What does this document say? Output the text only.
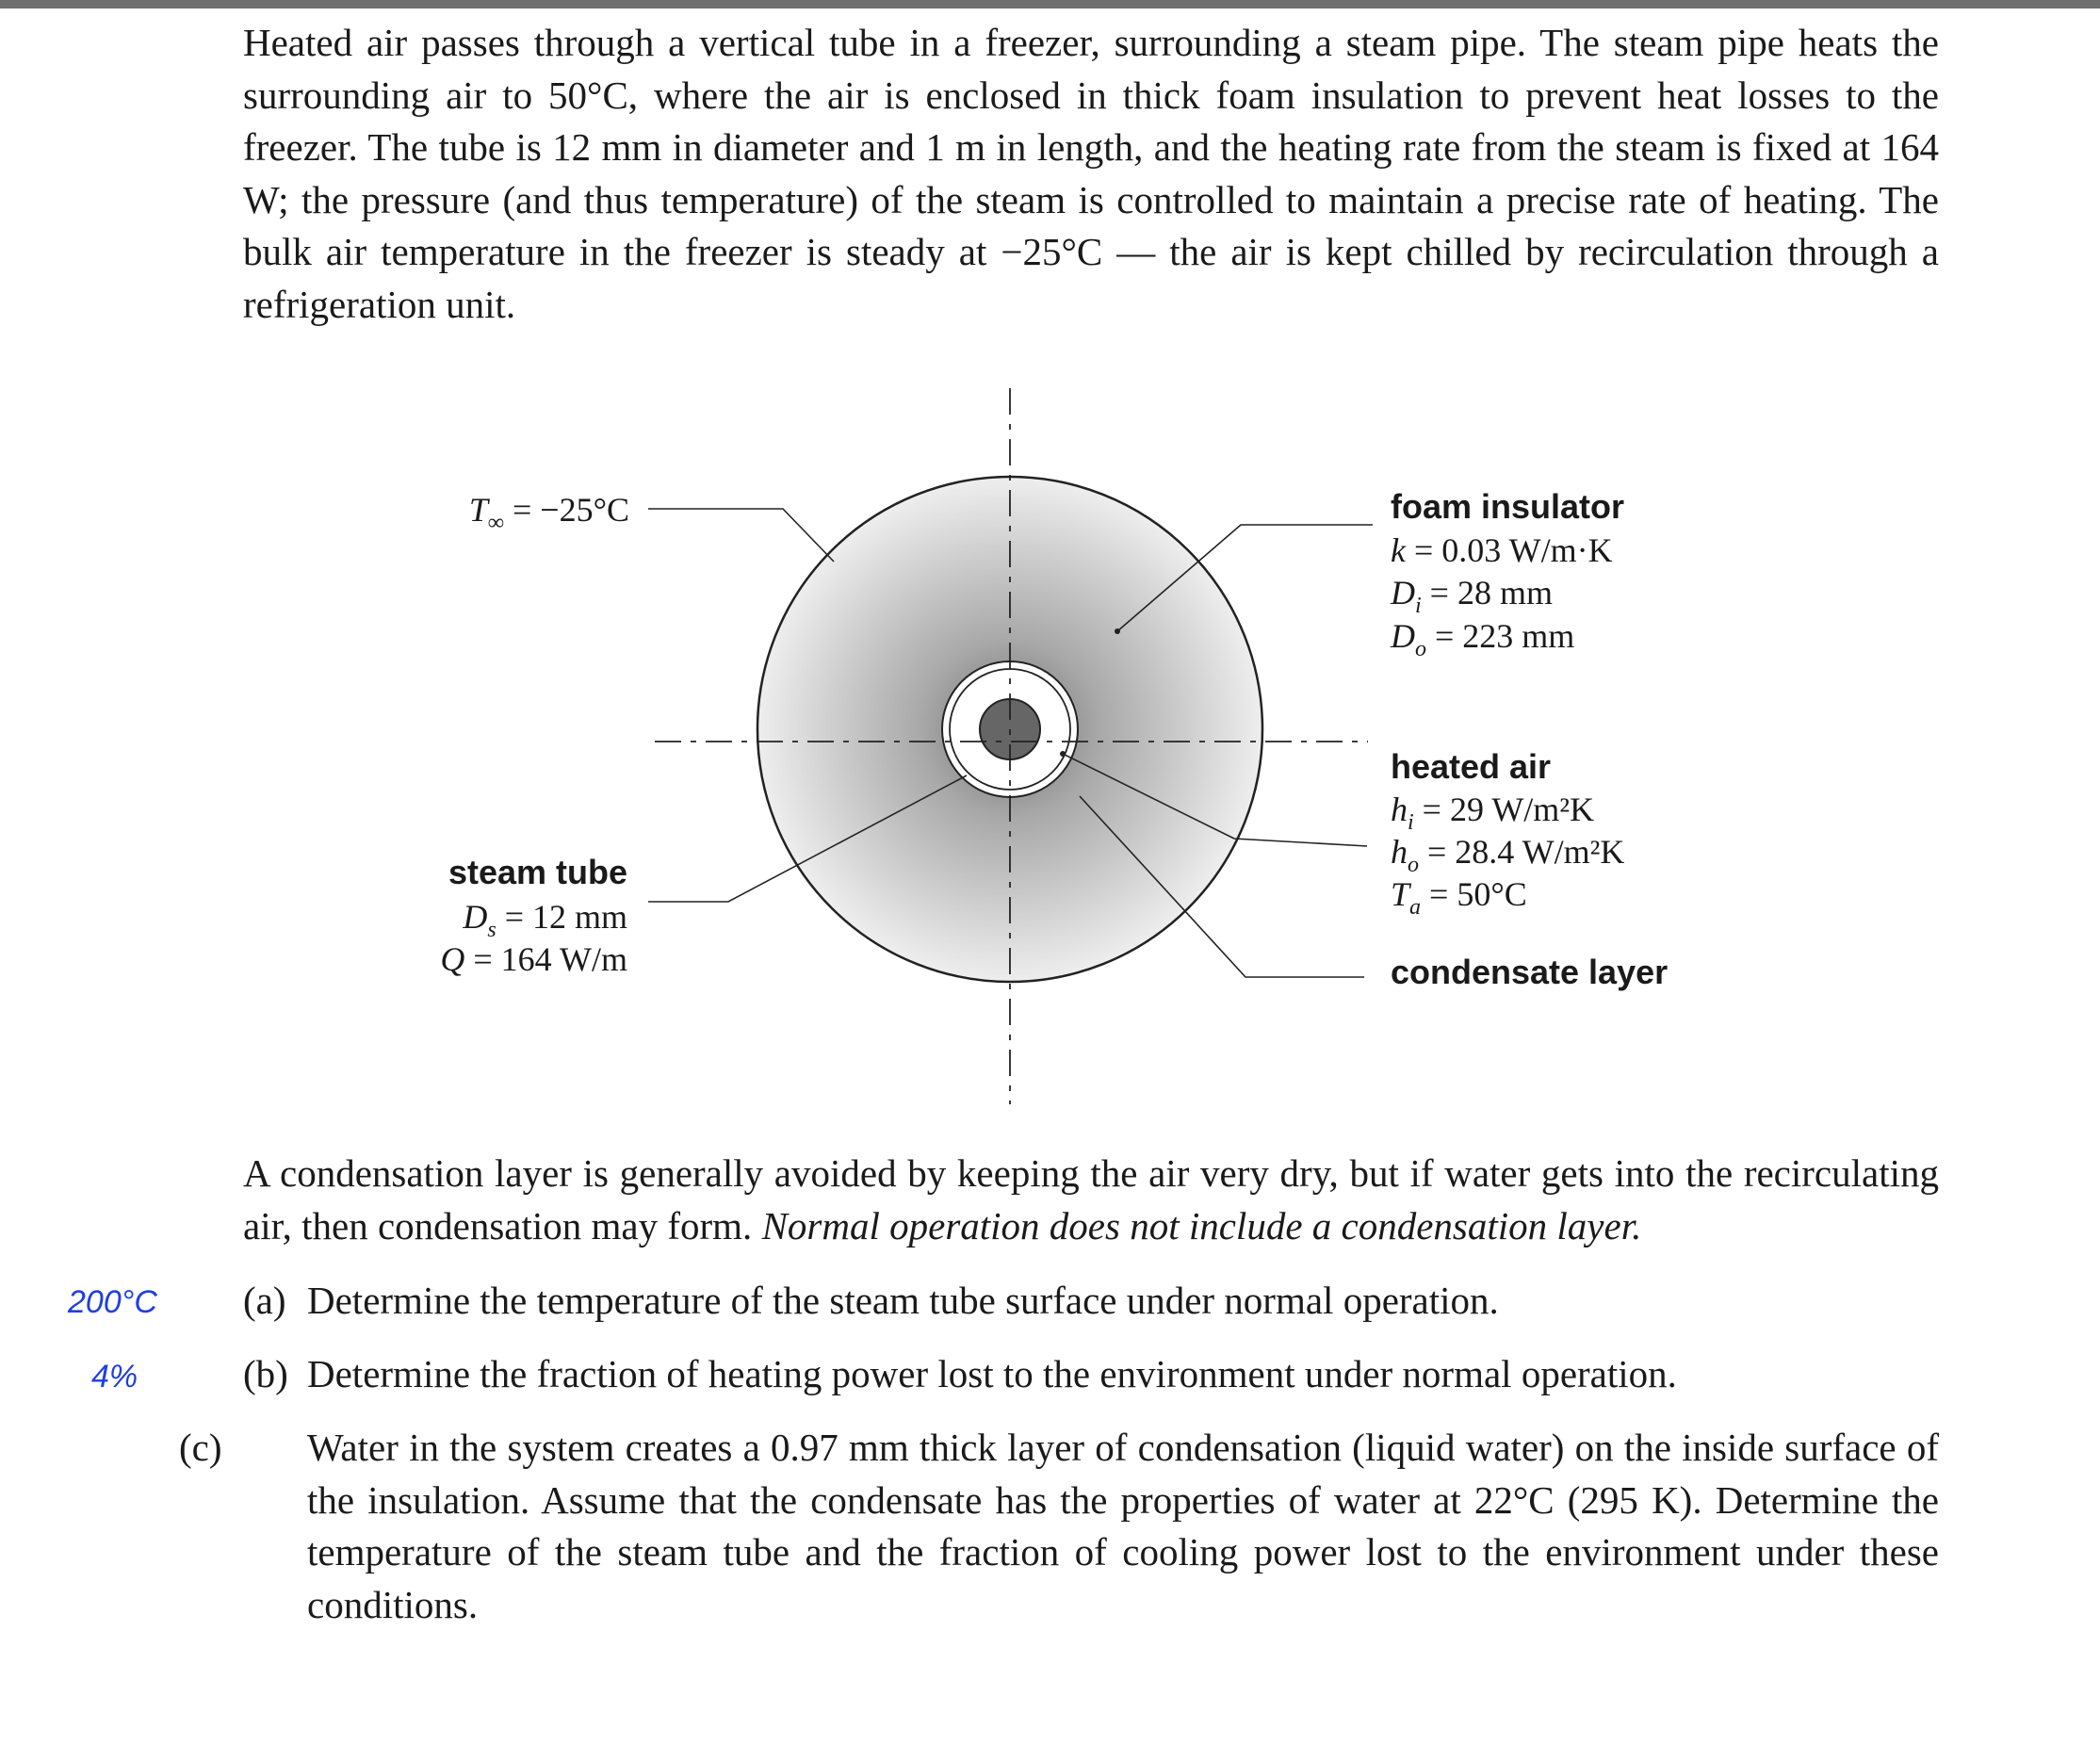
Heated air passes through a vertical tube in a freezer, surrounding a steam pipe. The steam pipe heats the surrounding air to 50°C, where the air is enclosed in thick foam insulation to prevent heat losses to the freezer. The tube is 12 mm in diameter and 1 m in length, and the heating rate from the steam is fixed at 164 W; the pressure (and thus temperature) of the steam is controlled to maintain a precise rate of heating. The bulk air temperature in the freezer is steady at −25°C — the air is kept chilled by recirculation through a refrigeration unit.

$T_\infty = -25^\circ C$	foam insulator
k = 0.03 W/m·K
$D_i = 28$ mm
$D_o = 223$ mm
heated air
$h_i = 29$ W/m²K
$h_o = 28.4$ W/m²K
$T_a = 50^\circ C$
steam tube
$D_s = 12$ mm
Q = 164 W/m	condensate layer

A condensation layer is generally avoided by keeping the air very dry, but if water gets into the recirculating air, then condensation may form. Normal operation does not include a condensation layer.

(a) Determine the temperature of the steam tube surface under normal operation.

(b) Determine the fraction of heating power lost to the environment under normal operation.

(c) Water in the system creates a 0.97 mm thick layer of condensation (liquid water) on the inside surface of the insulation. Assume that the condensate has the properties of water at 22°C (295 K). Determine the temperature of the steam tube and the fraction of cooling power lost to the environment under these conditions.

200°C
4%
